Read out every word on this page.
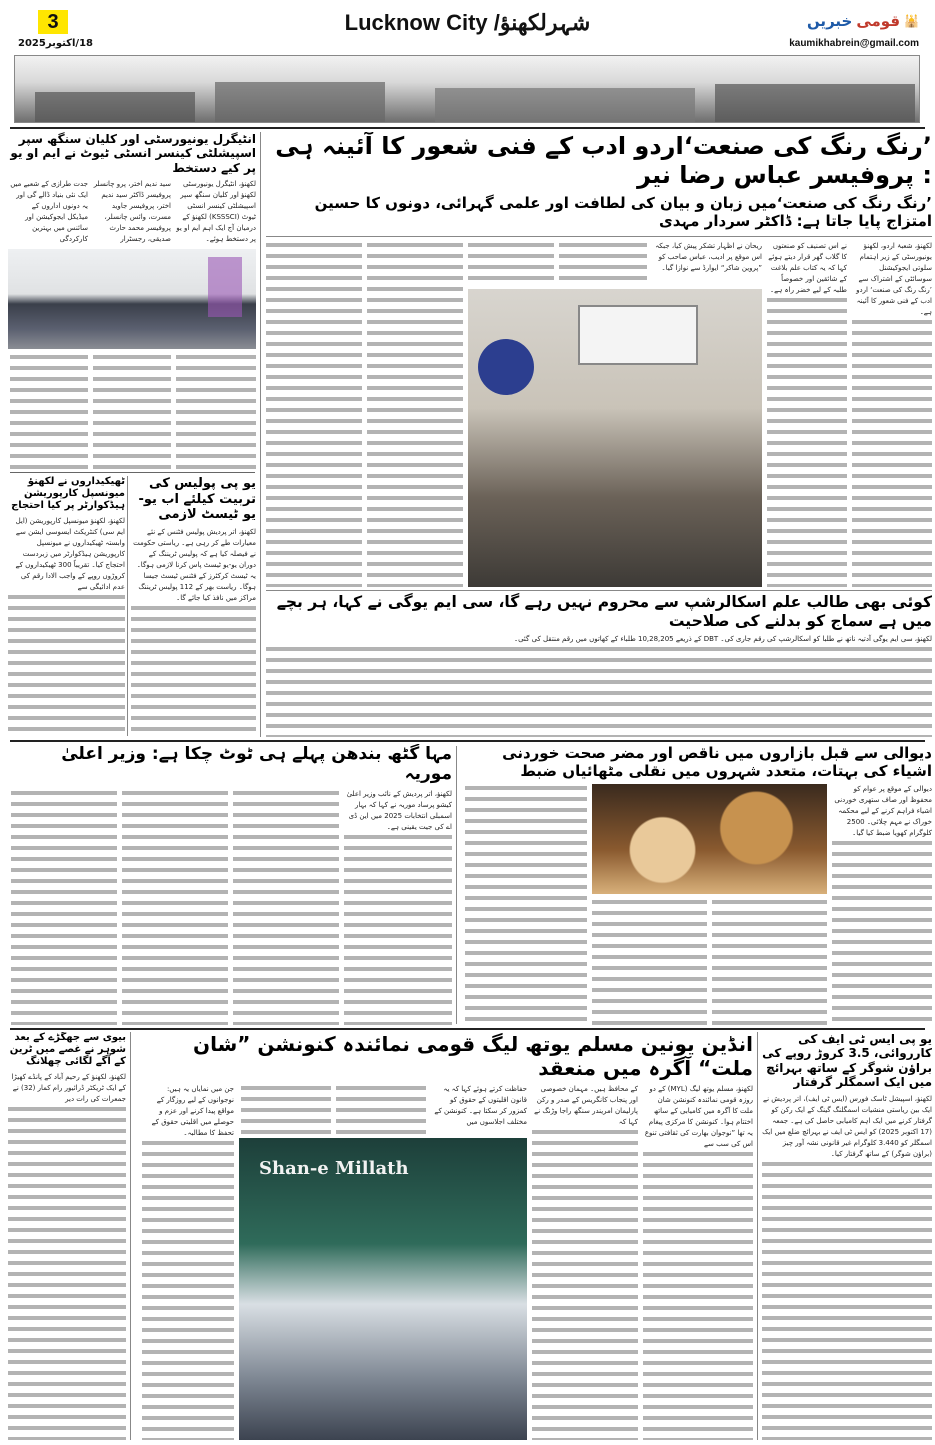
3
18/اکتوبر2025
Lucknow City /شہرلکھنؤ	خبریں قومی 🕌
kaumikhabrein@gmail.com
انٹیگرل یونیورسٹی اور کلیان سنگھ سپر اسپیشلٹی کینسر انسٹی ٹیوٹ نے ایم او یو پر کیے دستخط
لکھنؤ، انٹیگرل یونیورسٹی لکھنؤ اور کلیان سنگھ سپر اسپیشلٹی کینسر انسٹی ٹیوٹ (KSSSCI) لکھنؤ کے درمیان آج ایک اہم ایم او یو پر دستخط ہوئے۔
سید ندیم اختر، پرو چانسلر پروفیسر ڈاکٹر سید ندیم اختر، پروفیسر جاوید مسرت، وائس چانسلر، پروفیسر محمد حارث صدیقی، رجسٹرار
جدت طرازی کے شعبے میں ایک نئی بنیاد ڈالے گی اور یہ دونوں اداروں کے میڈیکل ایجوکیشن اور سائنس میں بہترین کارکردگی
یو پی پولیس کی تربیت کیلئے اب یو-یو ٹیسٹ لازمی
لکھنؤ، اتر پردیش پولیس فٹنس کے نئے معیارات طے کر رہی ہے۔ ریاستی حکومت نے فیصلہ کیا ہے کہ پولیس ٹریننگ کے دوران یو-یو ٹیسٹ پاس کرنا لازمی ہوگا۔ یہ ٹیسٹ کرکٹرز کے فٹنس ٹیسٹ جیسا ہوگا۔ ریاست بھر کے 112 پولیس ٹریننگ مراکز میں نافذ کیا جائے گا۔
ٹھیکیداروں نے لکھنؤ میونسپل کارپوریشن ہیڈکوارٹر پر کیا احتجاج
لکھنؤ، لکھنؤ میونسپل کارپوریشن (ایل ایم سی) کنٹریکٹ ایسوسی ایشن سے وابستہ ٹھیکیداروں نے میونسپل کارپوریشن ہیڈکوارٹر میں زبردست احتجاج کیا۔ تقریباً 300 ٹھیکیداروں کے کروڑوں روپے کے واجب الادا رقم کی عدم ادائیگی سے
’رنگ رنگ کی صنعت‘اردو ادب کے فنی شعور کا آئینہ ہی : پروفیسر عباس رضا نیر
’رنگ رنگ کی صنعت‘میں زبان و بیان کی لطافت اور علمی گہرائی، دونوں کا حسین امتزاج پایا جاتا ہے: ڈاکٹر سردار مہدی
لکھنؤ، شعبۂ اردو، لکھنؤ یونیورسٹی کے زیر اہتمام سلوتی ایجوکیشنل سوسائٹی کے اشتراک سے ’رنگ رنگ کی صنعت‘ اردو ادب کے فنی شعور کا آئینہ ہے۔
نے اس تصنیف کو صنعتوں کا گلاب گھر قرار دیتے ہوئے کہا کہ یہ کتاب علم بلاغت کے شائقین اور خصوصاً طلبہ کے لیے خضر راہ ہے۔
ریحان نے اظہار تشکر پیش کیا، جبکہ اس موقع پر ادیب، عباس صاحب کو ”پروین شاکر“ ایوارڈ سے نوازا گیا۔
کوئی بھی طالب علم اسکالرشپ سے محروم نہیں رہے گا، سی ایم یوگی نے کہا، ہر بچے میں ہے سماج کو بدلنے کی صلاحیت
لکھنؤ، سی ایم یوگی آدتیہ ناتھ نے طلبا کو اسکالرشپ کی رقم جاری کی۔ DBT کے ذریعے 10,28,205 طلباء کے کھاتوں میں رقم منتقل کی گئی۔
دیوالی سے قبل بازاروں میں ناقص اور مضر صحت خوردنی اشیاء کی بہتات، متعدد شہروں میں نقلی مٹھائیاں ضبط
دیوالی کے موقع پر عوام کو محفوظ اور صاف ستھری خوردنی اشیاء فراہم کرنے کے لیے محکمہ خوراک نے مہم چلائی۔ 2500 کلوگرام کھویا ضبط کیا گیا۔
مہا گٹھ بندھن پہلے ہی ٹوٹ چکا ہے: وزیر اعلیٰ موریہ
لکھنؤ، اتر پردیش کے نائب وزیر اعلیٰ کیشو پرساد موریہ نے کہا کہ بہار اسمبلی انتخابات 2025 میں این ڈی اے کی جیت یقینی ہے۔
یو پی ایس ٹی ایف کی کارروائی، 3.5 کروڑ روپے کی براؤن شوگر کے ساتھ بہرائچ میں ایک اسمگلر گرفتار
لکھنؤ، اسپیشل ٹاسک فورس (ایس ٹی ایف)، اتر پردیش نے ایک بین ریاستی منشیات اسمگلنگ گینگ کے ایک رکن کو گرفتار کرنے میں ایک اہم کامیابی حاصل کی ہے۔ جمعہ (17 اکتوبر 2025) کو ایس ٹی ایف نے بہرائچ ضلع میں ایک اسمگلر کو 3.440 کلوگرام غیر قانونی نشہ آور چیز (براؤن شوگر) کے ساتھ گرفتار کیا۔
انڈین یونین مسلم یوتھ لیگ قومی نمائندہ کنونشن ”شان ملت“ آگرہ میں منعقد
لکھنؤ، مسلم یوتھ لیگ (MYL) کے دو روزہ قومی نمائندہ کنونشن شان ملت کا آگرہ میں کامیابی کے ساتھ اختتام ہوا۔ کنونشن کا مرکزی پیغام یہ تھا ”نوجوان بھارت کی ثقافتی تنوع اس کی سب سے
کے محافظ ہیں۔ مہمان خصوصی اور پنجاب کانگریس کے صدر و رکن پارلیمان امریندر سنگھ راجا وڑنگ نے کہا کہ
حفاظت کرتے ہوئے کہا کہ یہ قانون اقلیتوں کے حقوق کو کمزور کر سکتا ہے۔ کنونشن کے مختلف اجلاسوں میں
Shan-e Millath
جن میں نمایاں یہ ہیں: نوجوانوں کے لیے روزگار کے مواقع پیدا کرنے اور عزم و حوصلے میں اقلیتی حقوق کے تحفظ کا مطالبہ۔
بیوی سے جھگڑے کے بعد شوہر نے غصے میں ٹرین کے آگے لگائی چھلانگ
لکھنؤ، لکھنؤ کے رحیم آباد کے پانڈے کھیڑا کے ایک ٹریکٹر ڈرائیور رام کمار (32) نے جمعرات کی رات دیر
